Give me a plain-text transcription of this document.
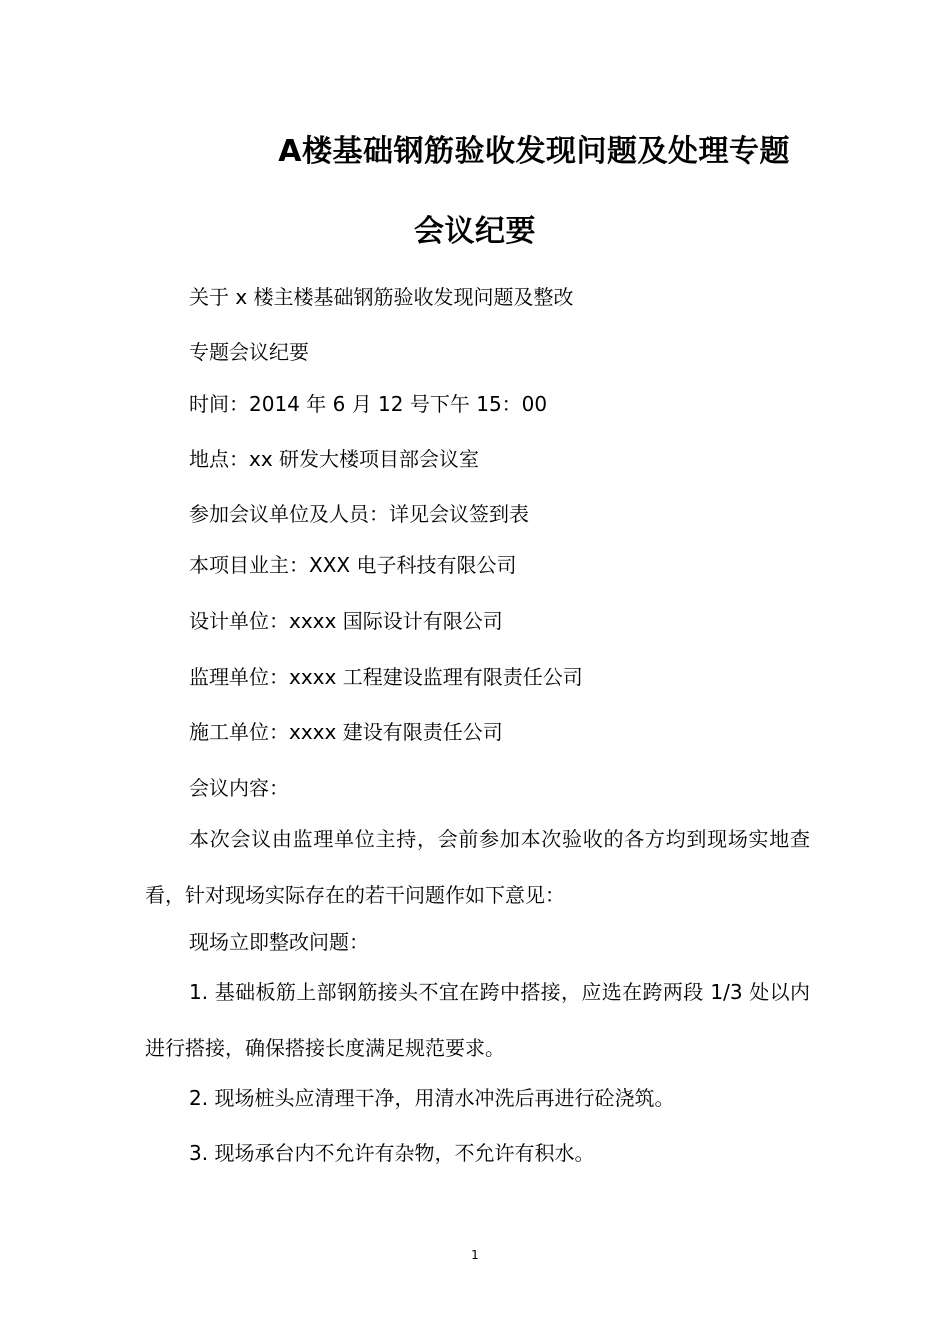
A楼基础钢筋验收发现问题及处理专题
会议纪要
关于 x 楼主楼基础钢筋验收发现问题及整改
专题会议纪要
时间：2014 年 6 月 12 号下午 15：00
地点：xx 研发大楼项目部会议室
参加会议单位及人员：详见会议签到表
本项目业主：XXX 电子科技有限公司
设计单位：xxxx 国际设计有限公司
监理单位：xxxx 工程建设监理有限责任公司
施工单位：xxxx 建设有限责任公司
会议内容：
本次会议由监理单位主持，会前参加本次验收的各方均到现场实地查看，针对现场实际存在的若干问题作如下意见：
现场立即整改问题：
1. 基础板筋上部钢筋接头不宜在跨中搭接，应选在跨两段 1/3 处以内进行搭接，确保搭接长度满足规范要求。
2. 现场桩头应清理干净，用清水冲洗后再进行砼浇筑。
3. 现场承台内不允许有杂物，不允许有积水。
1
